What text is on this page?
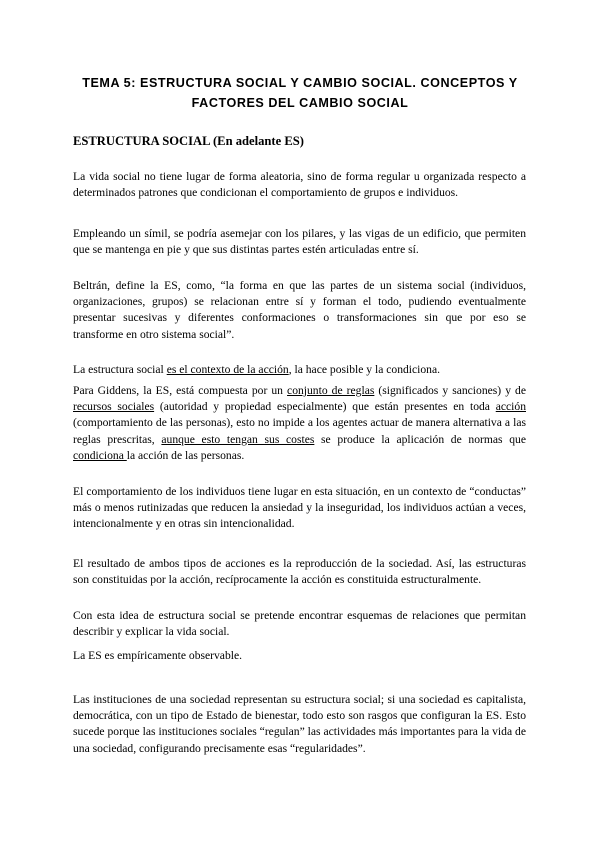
TEMA 5: ESTRUCTURA SOCIAL Y CAMBIO SOCIAL. CONCEPTOS Y
FACTORES DEL CAMBIO SOCIAL
ESTRUCTURA SOCIAL (En adelante ES)

La vida social no tiene lugar de forma aleatoria, sino de forma regular u organizada respecto a determinados patrones que condicionan el comportamiento de grupos e individuos.

Empleando un símil, se podría asemejar con los pilares, y las vigas de un edificio, que permiten que se mantenga en pie y que sus distintas partes estén articuladas entre sí.

Beltrán, define la ES, como, “la forma en que las partes de un sistema social (individuos, organizaciones, grupos) se relacionan entre sí y forman el todo, pudiendo eventualmente presentar sucesivas y diferentes conformaciones o transformaciones sin que por eso se transforme en otro sistema social”.

La estructura social es el contexto de la acción, la hace posible y la condiciona.

Para Giddens, la ES, está compuesta por un conjunto de reglas (significados y sanciones) y de recursos sociales (autoridad y propiedad especialmente) que están presentes en toda acción (comportamiento de las personas), esto no impide a los agentes actuar de manera alternativa a las reglas prescritas, aunque esto tengan sus costes se produce la aplicación de normas que condiciona la acción de las personas.

El comportamiento de los individuos tiene lugar en esta situación, en un contexto de “conductas” más o menos rutinizadas que reducen la ansiedad y la inseguridad, los individuos actúan a veces, intencionalmente y en otras sin intencionalidad.

El resultado de ambos tipos de acciones es la reproducción de la sociedad. Así, las estructuras son constituidas por la acción, recíprocamente la acción es constituida estructuralmente.

Con esta idea de estructura social se pretende encontrar esquemas de relaciones que permitan describir y explicar la vida social.

La ES es empíricamente observable.

Las instituciones de una sociedad representan su estructura social; si una sociedad es capitalista, democrática, con un tipo de Estado de bienestar, todo esto son rasgos que configuran la ES. Esto sucede porque las instituciones sociales “regulan” las actividades más importantes para la vida de una sociedad, configurando precisamente esas “regularidades”.
